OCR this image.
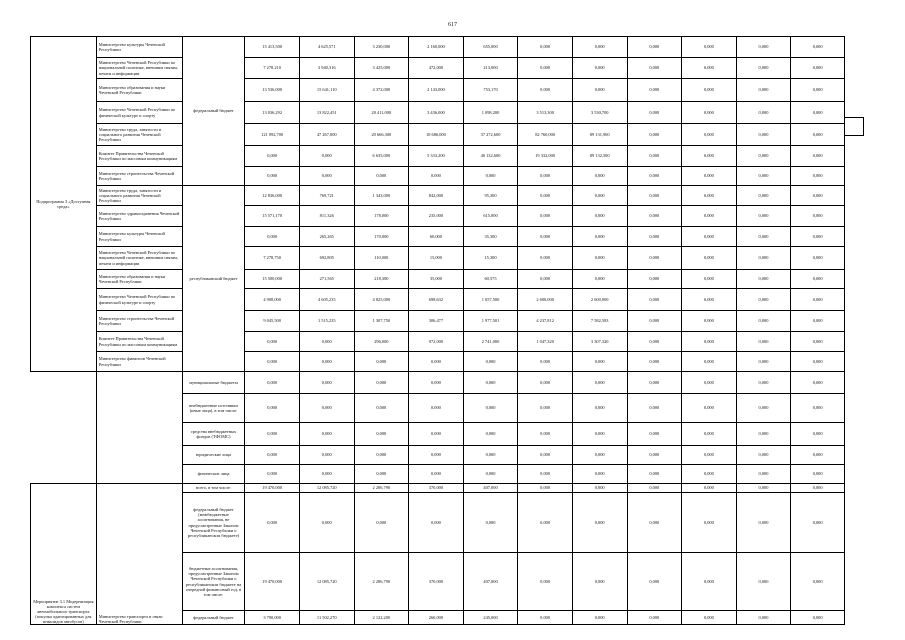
617
Подпрограмма 3 «Доступная среда»	Министерство культуры Чеченской Республики	федеральный бюджет	15 413,500	4 625,571	3 230,000	2 160,000	655,000	0,000	0,000	0,000	0,000	0,000	0,000
	Министерство Чеченской Республики по национальной политике, внешним связям, печати и информации		7 278,210	3 940,316	3 425,000	472,000	213,000	0,000	0,000	0,000	0,000	0,000	0,000
	Министерство образования и науки Чеченской Республики		13 536,000	15 641,110	4 372,000	2 143,000	753,170	0,000	0,000	0,000	0,000	0,000	0,000
	Министерство Чеченской Республики по физической культуре и спорту		13 036,292	13 822,451	20 411,000	3 436,000	1 098,200	3 513,300	3 530,700	0,000	0,000	0,000	0,000
	Министерство труда, занятости и социального развития Чеченской Республики		121 092,700	47 267,000	20 666,300	18 686,000	37 272,600	82 760,000	89 131,900	0,000	0,000	0,000	0,000
	Комитет Правительства Чеченской Республики по массовым коммуникациям		0,000	0,000	6 635,000	5 333,200	40 132,600	19 332,000	89 132,500	0,000	0,000	0,000	0,000
	Министерство строительства Чеченской Республики		0,000	0,000	0,000	0,000	0,000	0,000	0,000	0,000	0,000	0,000	0,000
	Министерство труда, занятости и социального развития Чеченской Республики	республиканский бюджет	12 836,000	769,721	1 343,000	842,000	95,300	0,000	0,000	0,000	0,000	0,000	0,000
	Министерство здравоохранения Чеченской Республики		15 571,170	811,326	178,000	235,000	615,000	0,000	0,000	0,000	0,000	0,000	0,000
	Министерство культуры Чеченской Республики		0,000	265,265	170,000	60,000	35,300	0,000	0,000	0,000	0,000	0,000	0,000
	Министерство Чеченской Республики по национальной политике, внешним связям, печати и информации		7 278,750	692,805	110,000	15,000	15,300	0,000	0,000	0,000	0,000	0,000	0,000
	Министерство образования и науки Чеченской Республики		15 500,000	271,565	218,300	35,000	60,575	0,000	0,000	0,000	0,000	0,000	0,000
	Министерство Чеченской Республики по физической культуре и спорту		4 908,000	4 605,235	4 825,000	698,632	1 057,500	2 600,000	2 600,000	0,000	0,000	0,000	0,000
	Министерство строительства Чеченской Республики		9 045,500	1 515,235	1 307,750	306,477	1 977,501	4 237,812	7 582,583	0,000	0,000	0,000	0,000
	Комитет Правительства Чеченской Республики по массовым коммуникациям		0,000	0,000	296,000	972,000	2 741,000	1 047,320	3 307,320	0,000	0,000	0,000	0,000
	Министерство финансов Чеченской Республики		0,000	0,000	0,000	0,000	0,000	0,000	0,000	0,000	0,000	0,000	0,000
		муниципальные бюджеты	0,000	0,000	0,000	0,000	0,000	0,000	0,000	0,000	0,000	0,000	0,000
		внебюджетные источники (иные лица), в том числе:	0,000	0,000	0,000	0,000	0,000	0,000	0,000	0,000	0,000	0,000	0,000
		средства внебюджетных фондов (ТФОМС)	0,000	0,000	0,000	0,000	0,000	0,000	0,000	0,000	0,000	0,000	0,000
		юридические лица	0,000	0,000	0,000	0,000	0,000	0,000	0,000	0,000	0,000	0,000	0,000
		физические лица	0,000	0,000	0,000	0,000	0,000	0,000	0,000	0,000	0,000	0,000	0,000
Мероприятие 3.1 Модернизация комплекса систем автомобильного транспорта (покупка адаптированных для инвалидов автобусов)	Министерство транспорта и связи Чеченской Республики	всего, в том числе:	19 470,000	12 085,720	2 286,790	370,000	407,000	0,000	0,000	0,000	0,000	0,000	0,000
		федеральный бюджет (межбюджетные ассигнования, не предусмотренные Законом Чеченской Республики о республиканском бюджете)	0,000	0,000	0,000	0,000	0,000	0,000	0,000	0,000	0,000	0,000	0,000
		бюджетные ассигнования, предусмотренные Законом Чеченской Республики о республиканском бюджете на очередной финансовый год, в том числе:	19 470,000	12 085,720	2 286,790	370,000	407,000	0,000	0,000	0,000	0,000	0,000	0,000
		федеральный бюджет	3 790,000	11 502,270	2 122,200	260,000	245,000	0,000	0,000	0,000	0,000	0,000	0,000
